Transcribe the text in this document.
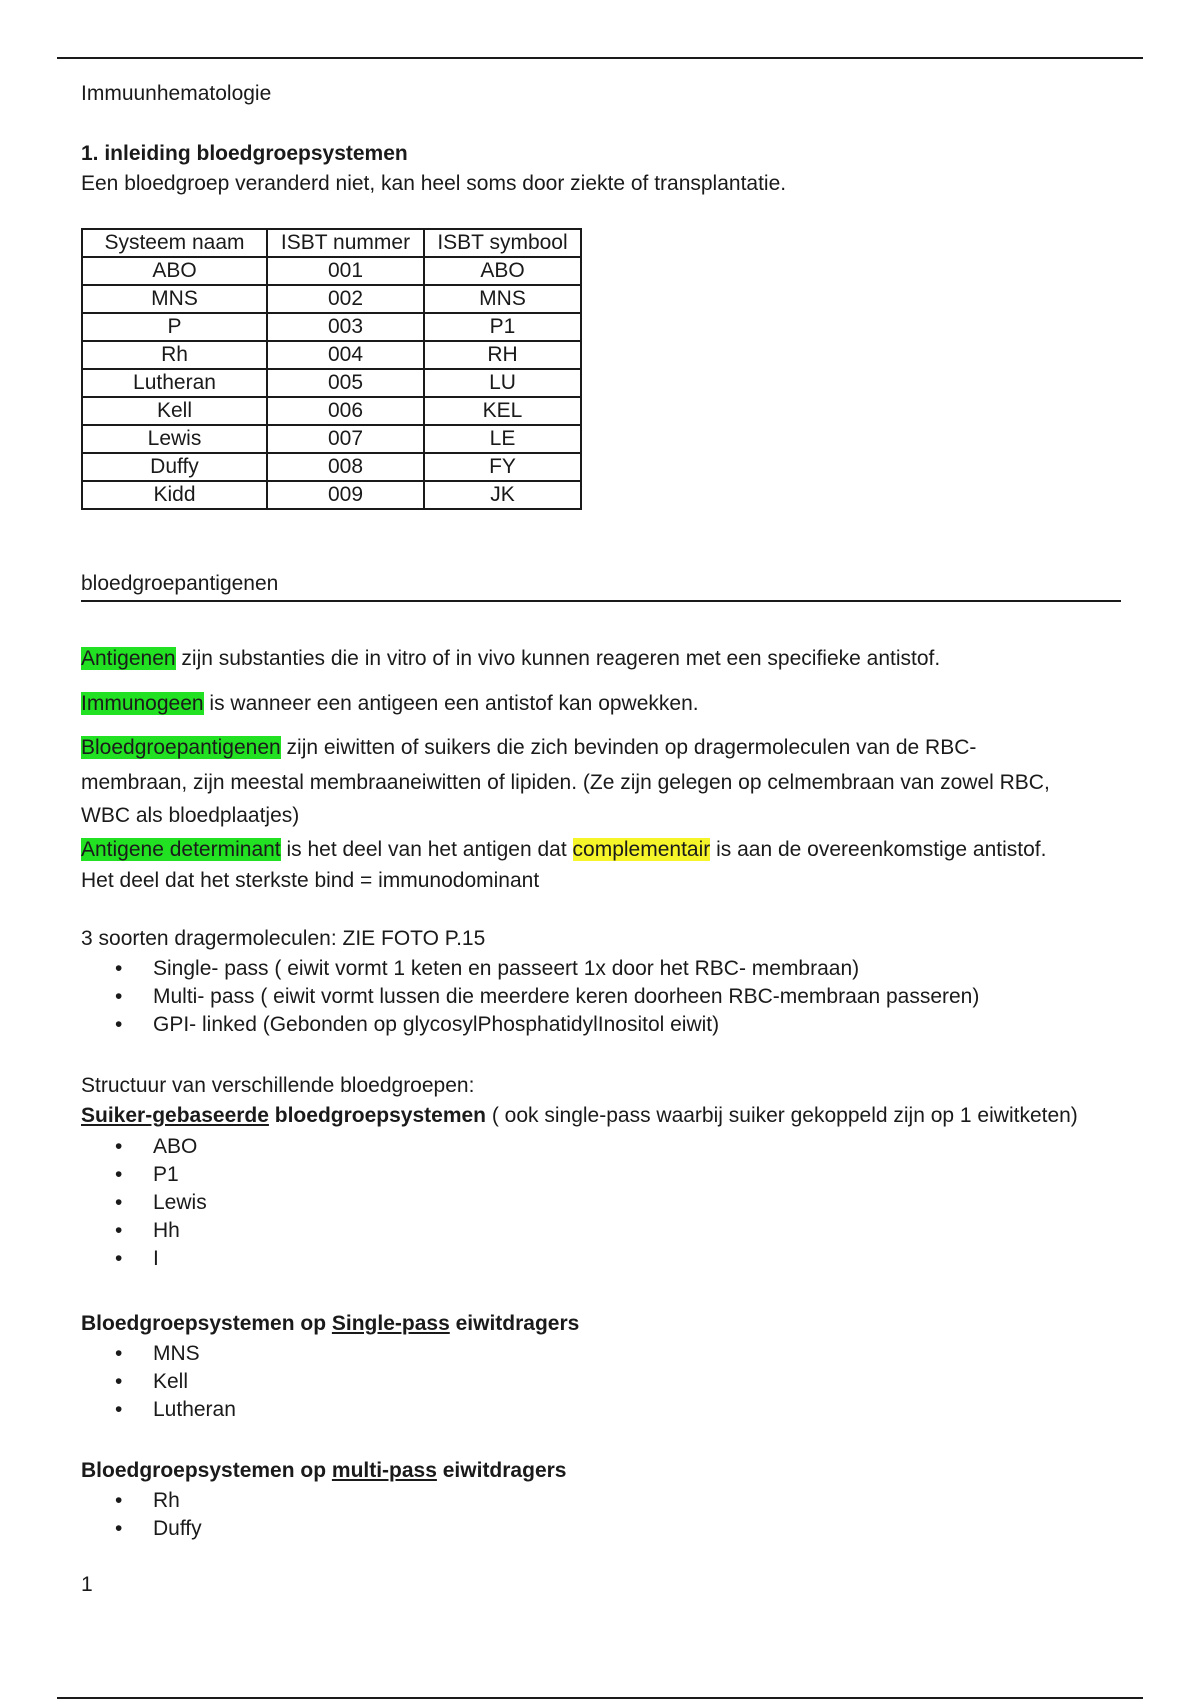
Immuunhematologie

1. inleiding bloedgroepsystemen

Een bloedgroep veranderd niet, kan heel soms door ziekte of transplantatie.

Systeem naam	ISBT nummer	ISBT symbool
ABO	001	ABO
MNS	002	MNS
P	003	P1
Rh	004	RH
Lutheran	005	LU
Kell	006	KEL
Lewis	007	LE
Duffy	008	FY
Kidd	009	JK

bloedgroepantigenen

Antigenen zijn substanties die in vitro of in vivo kunnen reageren met een specifieke antistof.

Immunogeen is wanneer een antigeen een antistof kan opwekken.

Bloedgroepantigenen zijn eiwitten of suikers die zich bevinden op dragermoleculen van de RBC-

membraan, zijn meestal membraaneiwitten of lipiden. (Ze zijn gelegen op celmembraan van zowel RBC,

WBC als bloedplaatjes)

Antigene determinant is het deel van het antigen dat complementair is aan de overeenkomstige antistof.

Het deel dat het sterkste bind = immunodominant

3 soorten dragermoleculen: ZIE FOTO P.15

• Single- pass ( eiwit vormt 1 keten en passeert 1x door het RBC- membraan)
• Multi- pass ( eiwit vormt lussen die meerdere keren doorheen RBC-membraan passeren)
• GPI- linked (Gebonden op glycosylPhosphatidylInositol eiwit)

Structuur van verschillende bloedgroepen:

Suiker-gebaseerde bloedgroepsystemen ( ook single-pass waarbij suiker gekoppeld zijn op 1 eiwitketen)

• ABO
• P1
• Lewis
• Hh
• I

Bloedgroepsystemen op Single-pass eiwitdragers

• MNS
• Kell
• Lutheran

Bloedgroepsystemen op multi-pass eiwitdragers

• Rh
• Duffy

1
